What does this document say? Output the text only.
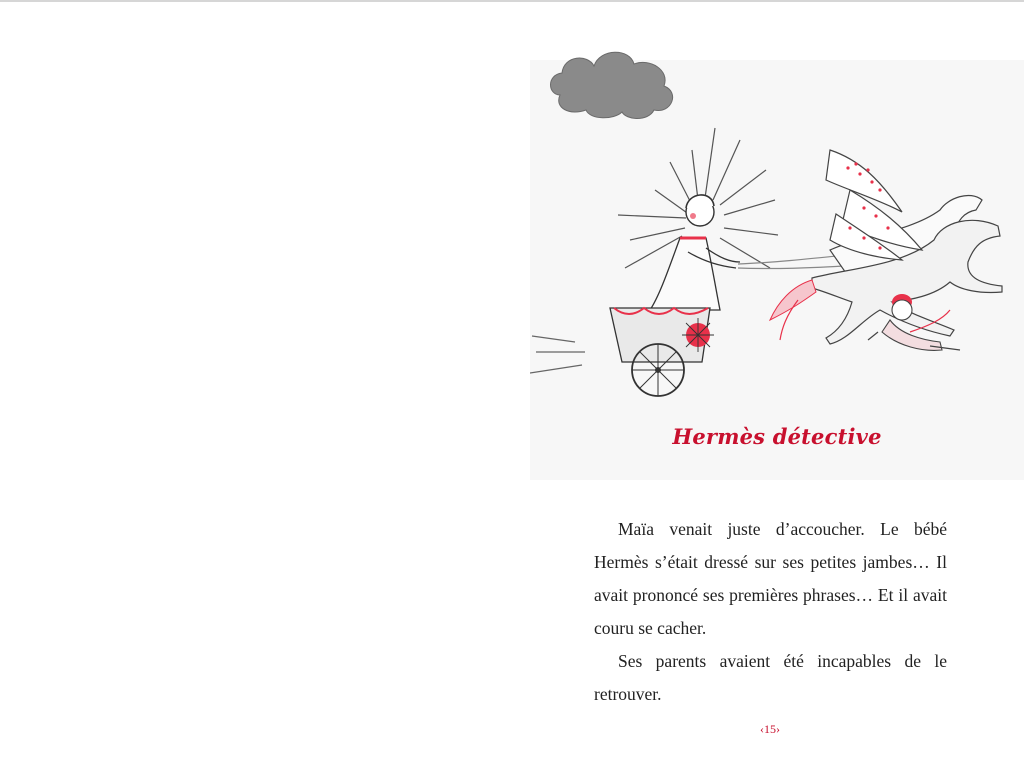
Hermès détective

Maïa venait juste d’accoucher. Le bébé Hermès s’était dressé sur ses petites jambes… Il avait prononcé ses premières phrases… Et il avait couru se cacher.

Ses parents avaient été incapables de le retrouver.

‹15›
